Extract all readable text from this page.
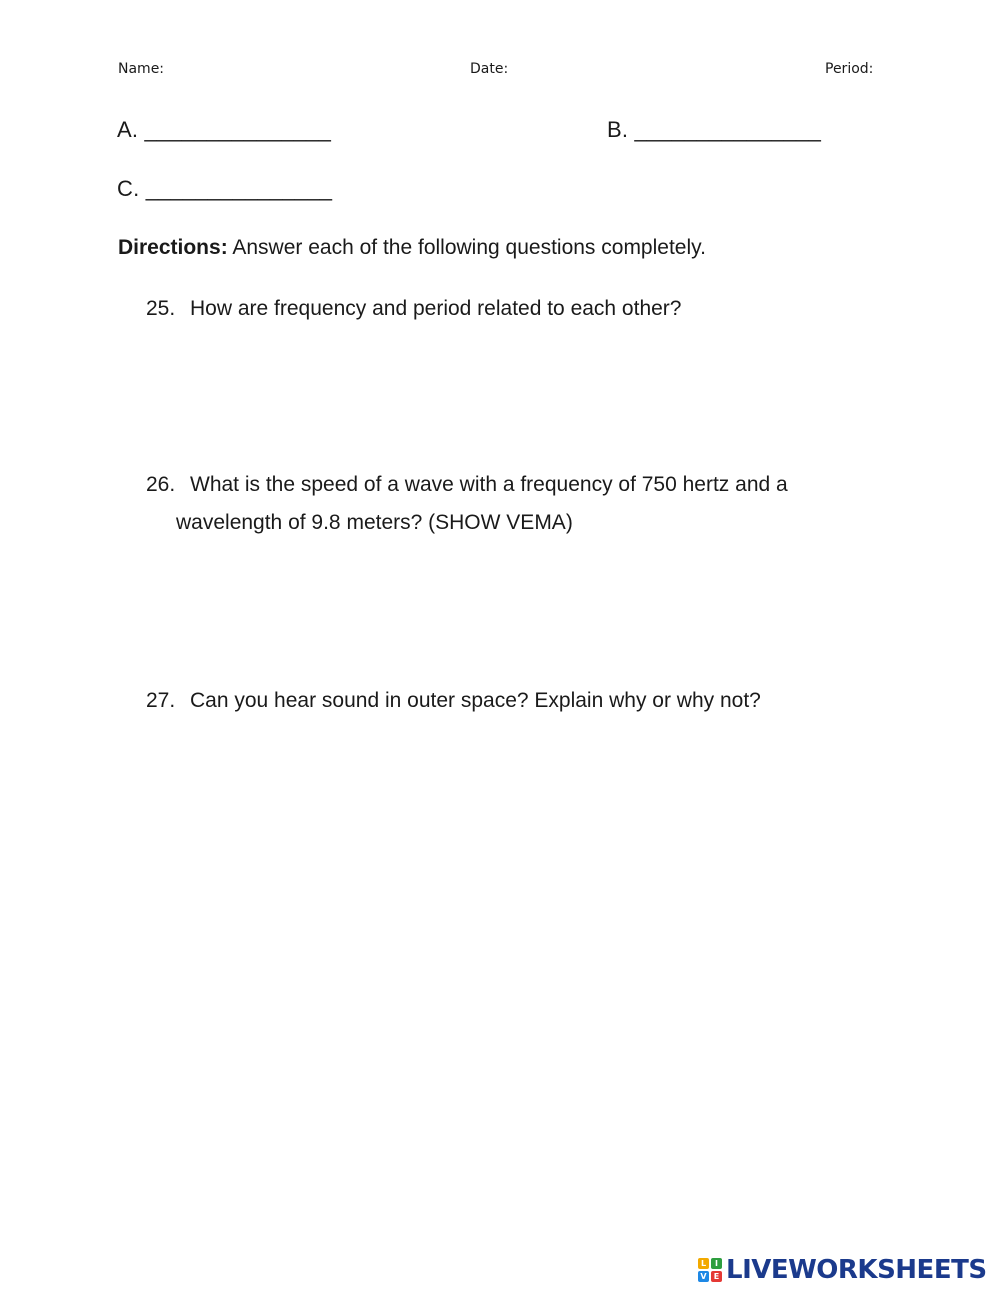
Name:	Date:	Period:
A. _______________	B. _______________
C. _______________
Directions: Answer each of the following questions completely.
25. How are frequency and period related to each other?
26. What is the speed of a wave with a frequency of 750 hertz and a
wavelength of 9.8 meters? (SHOW VEMA)
27. Can you hear sound in outer space? Explain why or why not?
L	I
V E LIVEWORKSHEETS
